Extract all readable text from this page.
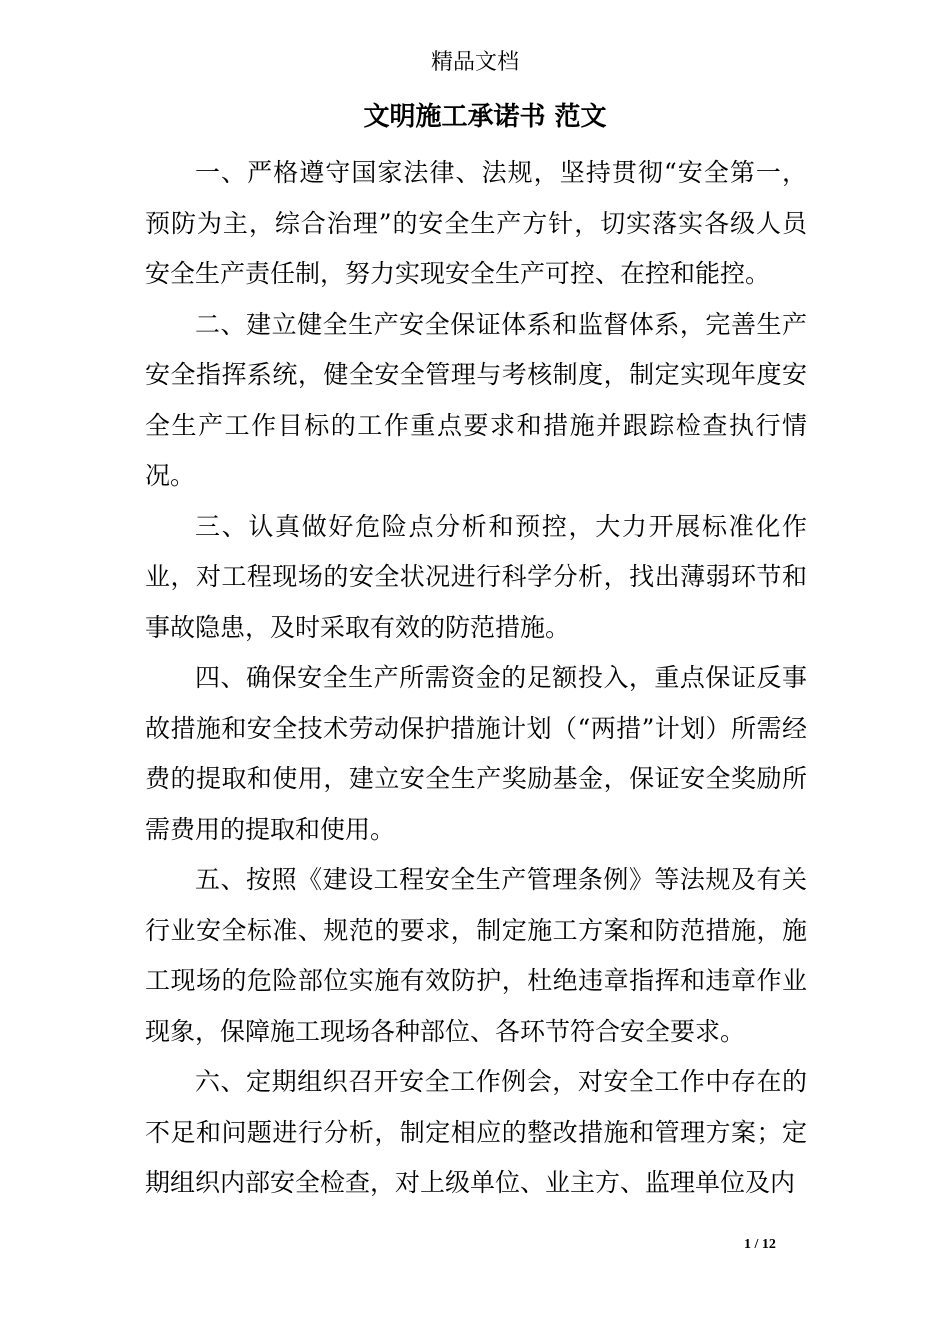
精品文档
文明施工承诺书 范文

一、严格遵守国家法律、法规，坚持贯彻“安全第一，预防为主，综合治理”的安全生产方针，切实落实各级人员安全生产责任制，努力实现安全生产可控、在控和能控。

二、建立健全生产安全保证体系和监督体系，完善生产安全指挥系统，健全安全管理与考核制度，制定实现年度安全生产工作目标的工作重点要求和措施并跟踪检查执行情况。

三、认真做好危险点分析和预控，大力开展标准化作业，对工程现场的安全状况进行科学分析，找出薄弱环节和事故隐患，及时采取有效的防范措施。

四、确保安全生产所需资金的足额投入，重点保证反事故措施和安全技术劳动保护措施计划（“两措”计划）所需经费的提取和使用，建立安全生产奖励基金，保证安全奖励所需费用的提取和使用。

五、按照《建设工程安全生产管理条例》等法规及有关行业安全标准、规范的要求，制定施工方案和防范措施，施工现场的危险部位实施有效防护，杜绝违章指挥和违章作业现象，保障施工现场各种部位、各环节符合安全要求。

六、定期组织召开安全工作例会，对安全工作中存在的不足和问题进行分析，制定相应的整改措施和管理方案；定期组织内部安全检查，对上级单位、业主方、监理单位及内

1 / 12
